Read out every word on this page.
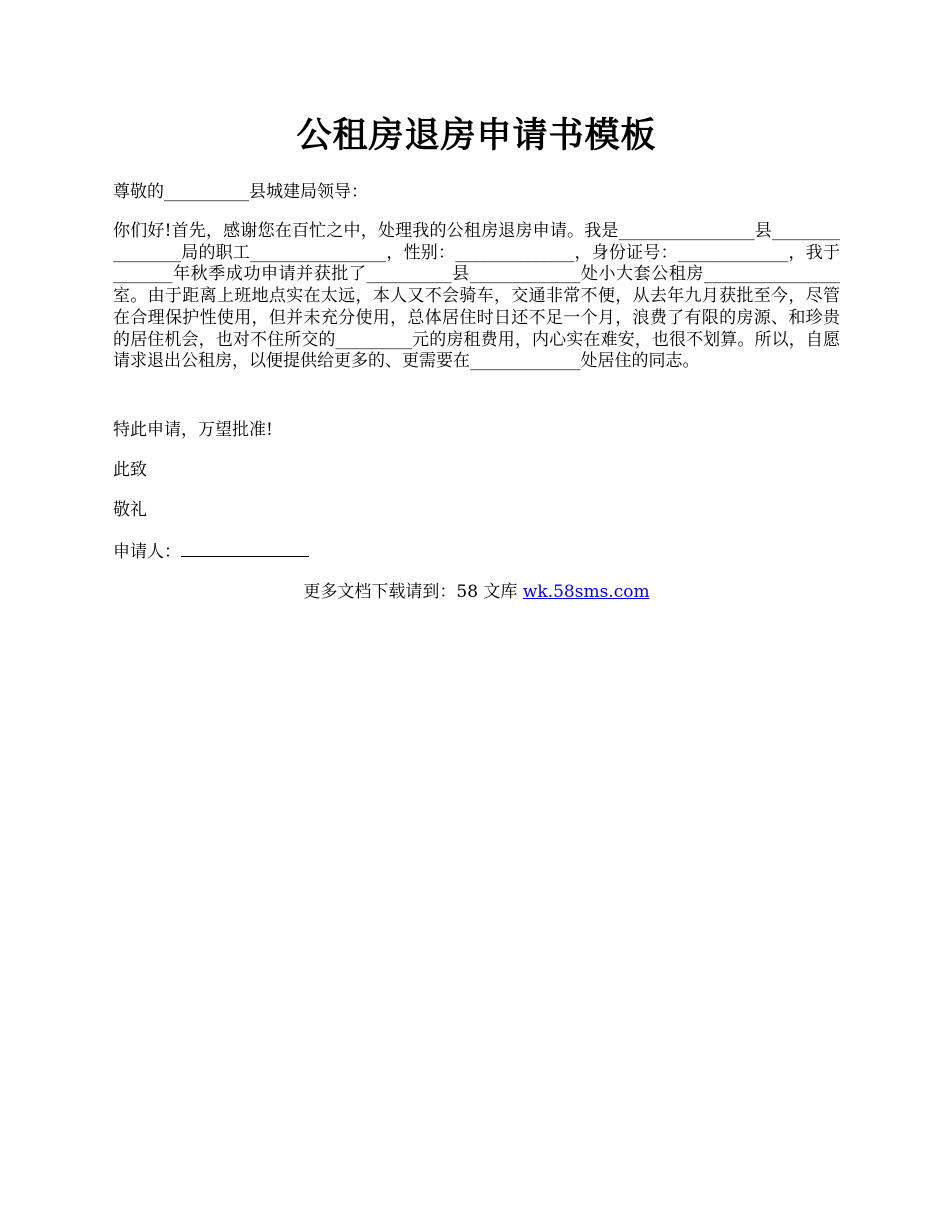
公租房退房申请书模板

尊敬的__________县城建局领导：

你们好!首先，感谢您在百忙之中，处理我的公租房退房申请。我是________________县________________局的职工________________，性别：______________，身份证号：_____________，我于_______年秋季成功申请并获批了__________县_____________处小大套公租房________________室。由于距离上班地点实在太远，本人又不会骑车，交通非常不便，从去年九月获批至今，尽管在合理保护性使用，但并未充分使用，总体居住时日还不足一个月，浪费了有限的房源、和珍贵的居住机会，也对不住所交的_________元的房租费用，内心实在难安，也很不划算。所以，自愿请求退出公租房，以便提供给更多的、更需要在_____________处居住的同志。

特此申请，万望批准!

此致

敬礼

申请人：

更多文档下载请到：58 文库 wk.58sms.com
